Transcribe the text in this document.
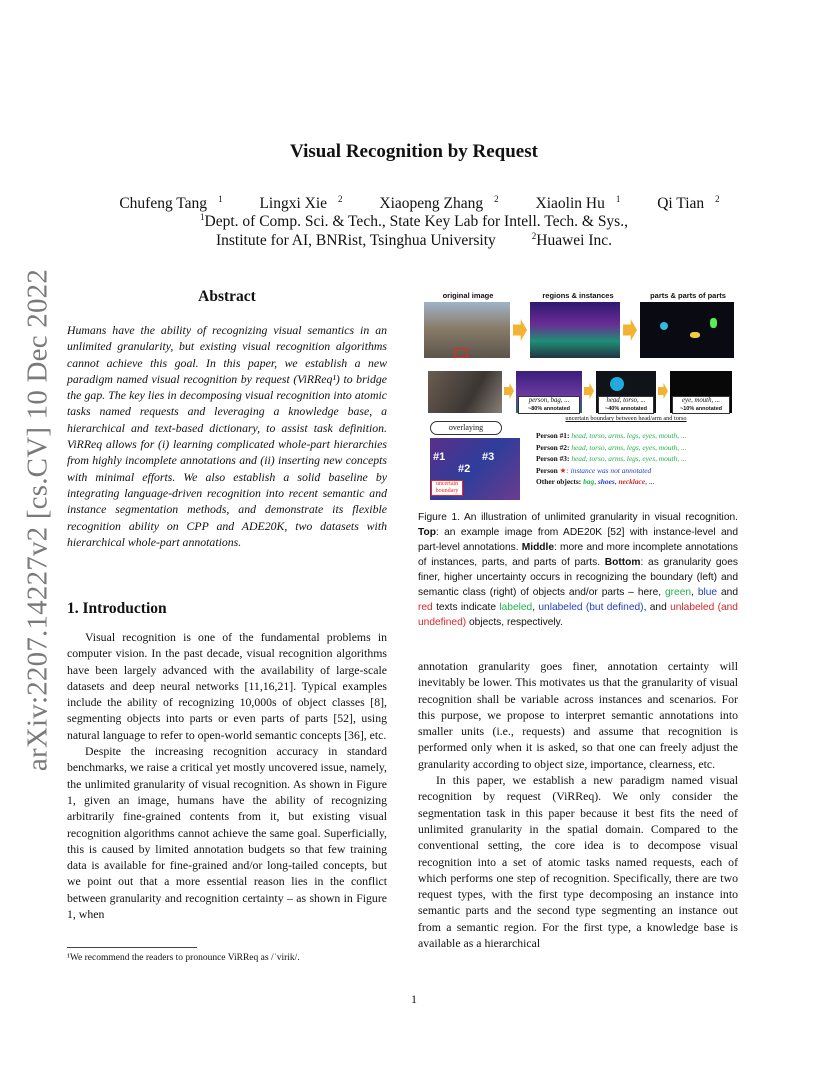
arXiv:2207.14227v2 [cs.CV] 10 Dec 2022
Visual Recognition by Request
Chufeng Tang $^1$ Lingxi Xie $^2$ Xiaopeng Zhang $^2$ Xiaolin Hu $^1$ Qi Tian $^2$
$^1$Dept. of Comp. Sci. & Tech., State Key Lab for Intell. Tech. & Sys.,
Institute for AI, BNRist, Tsinghua University	$^2$Huawei Inc.
Abstract
Humans have the ability of recognizing visual semantics in an unlimited granularity, but existing visual recognition algorithms cannot achieve this goal. In this paper, we establish a new paradigm named visual recognition by request (ViRReq¹) to bridge the gap. The key lies in decomposing visual recognition into atomic tasks named requests and leveraging a knowledge base, a hierarchical and text-based dictionary, to assist task definition. ViRReq allows for (i) learning complicated whole-part hierarchies from highly incomplete annotations and (ii) inserting new concepts with minimal efforts. We also establish a solid baseline by integrating language-driven recognition into recent semantic and instance segmentation methods, and demonstrate its flexible recognition ability on CPP and ADE20K, two datasets with hierarchical whole-part annotations.
1. Introduction

Visual recognition is one of the fundamental problems in computer vision. In the past decade, visual recognition algorithms have been largely advanced with the availability of large-scale datasets and deep neural networks [11,16,21]. Typical examples include the ability of recognizing 10,000s of object classes [8], segmenting objects into parts or even parts of parts [52], using natural language to refer to open-world semantic concepts [36], etc.

Despite the increasing recognition accuracy in standard benchmarks, we raise a critical yet mostly uncovered issue, namely, the unlimited granularity of visual recognition. As shown in Figure 1, given an image, humans have the ability of recognizing arbitrarily fine-grained contents from it, but existing visual recognition algorithms cannot achieve the same goal. Superficially, this is caused by limited annotation budgets so that few training data is available for fine-grained and/or long-tailed concepts, but we point out that a more essential reason lies in the conflict between granularity and recognition certainty – as shown in Figure 1, when

annotation granularity goes finer, annotation certainty will inevitably be lower. This motivates us that the granularity of visual recognition shall be variable across instances and scenarios. For this purpose, we propose to interpret semantic annotations into smaller units (i.e., requests) and assume that recognition is performed only when it is asked, so that one can freely adjust the granularity according to object size, importance, clearness, etc.

In this paper, we establish a new paradigm named visual recognition by request (ViRReq). We only consider the segmentation task in this paper because it best fits the need of unlimited granularity in the spatial domain. Compared to the conventional setting, the core idea is to decompose visual recognition into a set of atomic tasks named requests, each of which performs one step of recognition. Specifically, there are two request types, with the first type decomposing an instance into semantic parts and the second type segmenting an instance out from a semantic region. For the first type, a knowledge base is available as a hierarchical

¹We recommend the readers to pronounce ViRReq as /ˈvirik/.
1
original image	regions & instances	parts & parts of parts
person, bag, ...
~80% annotated
head, torso, ...
~40% annotated
eye, mouth, ...
~10% annotated
uncertain boundary between head/arm and torso
overlaying
#1
#2
#3
uncertain boundary
Person #1: head, torso, arms, legs, eyes, mouth, ...
Person #2: head, torso, arms, legs, eyes, mouth, ...
Person #3: head, torso, arms, legs, eyes, mouth, ...
Person ★: instance was not annotated
Other objects: bag, shoes, necklace, ...
Figure 1. An illustration of unlimited granularity in visual recognition. Top: an example image from ADE20K [52] with instance-level and part-level annotations. Middle: more and more incomplete annotations of instances, parts, and parts of parts. Bottom: as granularity goes finer, higher uncertainty occurs in recognizing the boundary (left) and semantic class (right) of objects and/or parts – here, green, blue and red texts indicate labeled, unlabeled (but defined), and unlabeled (and undefined) objects, respectively.
